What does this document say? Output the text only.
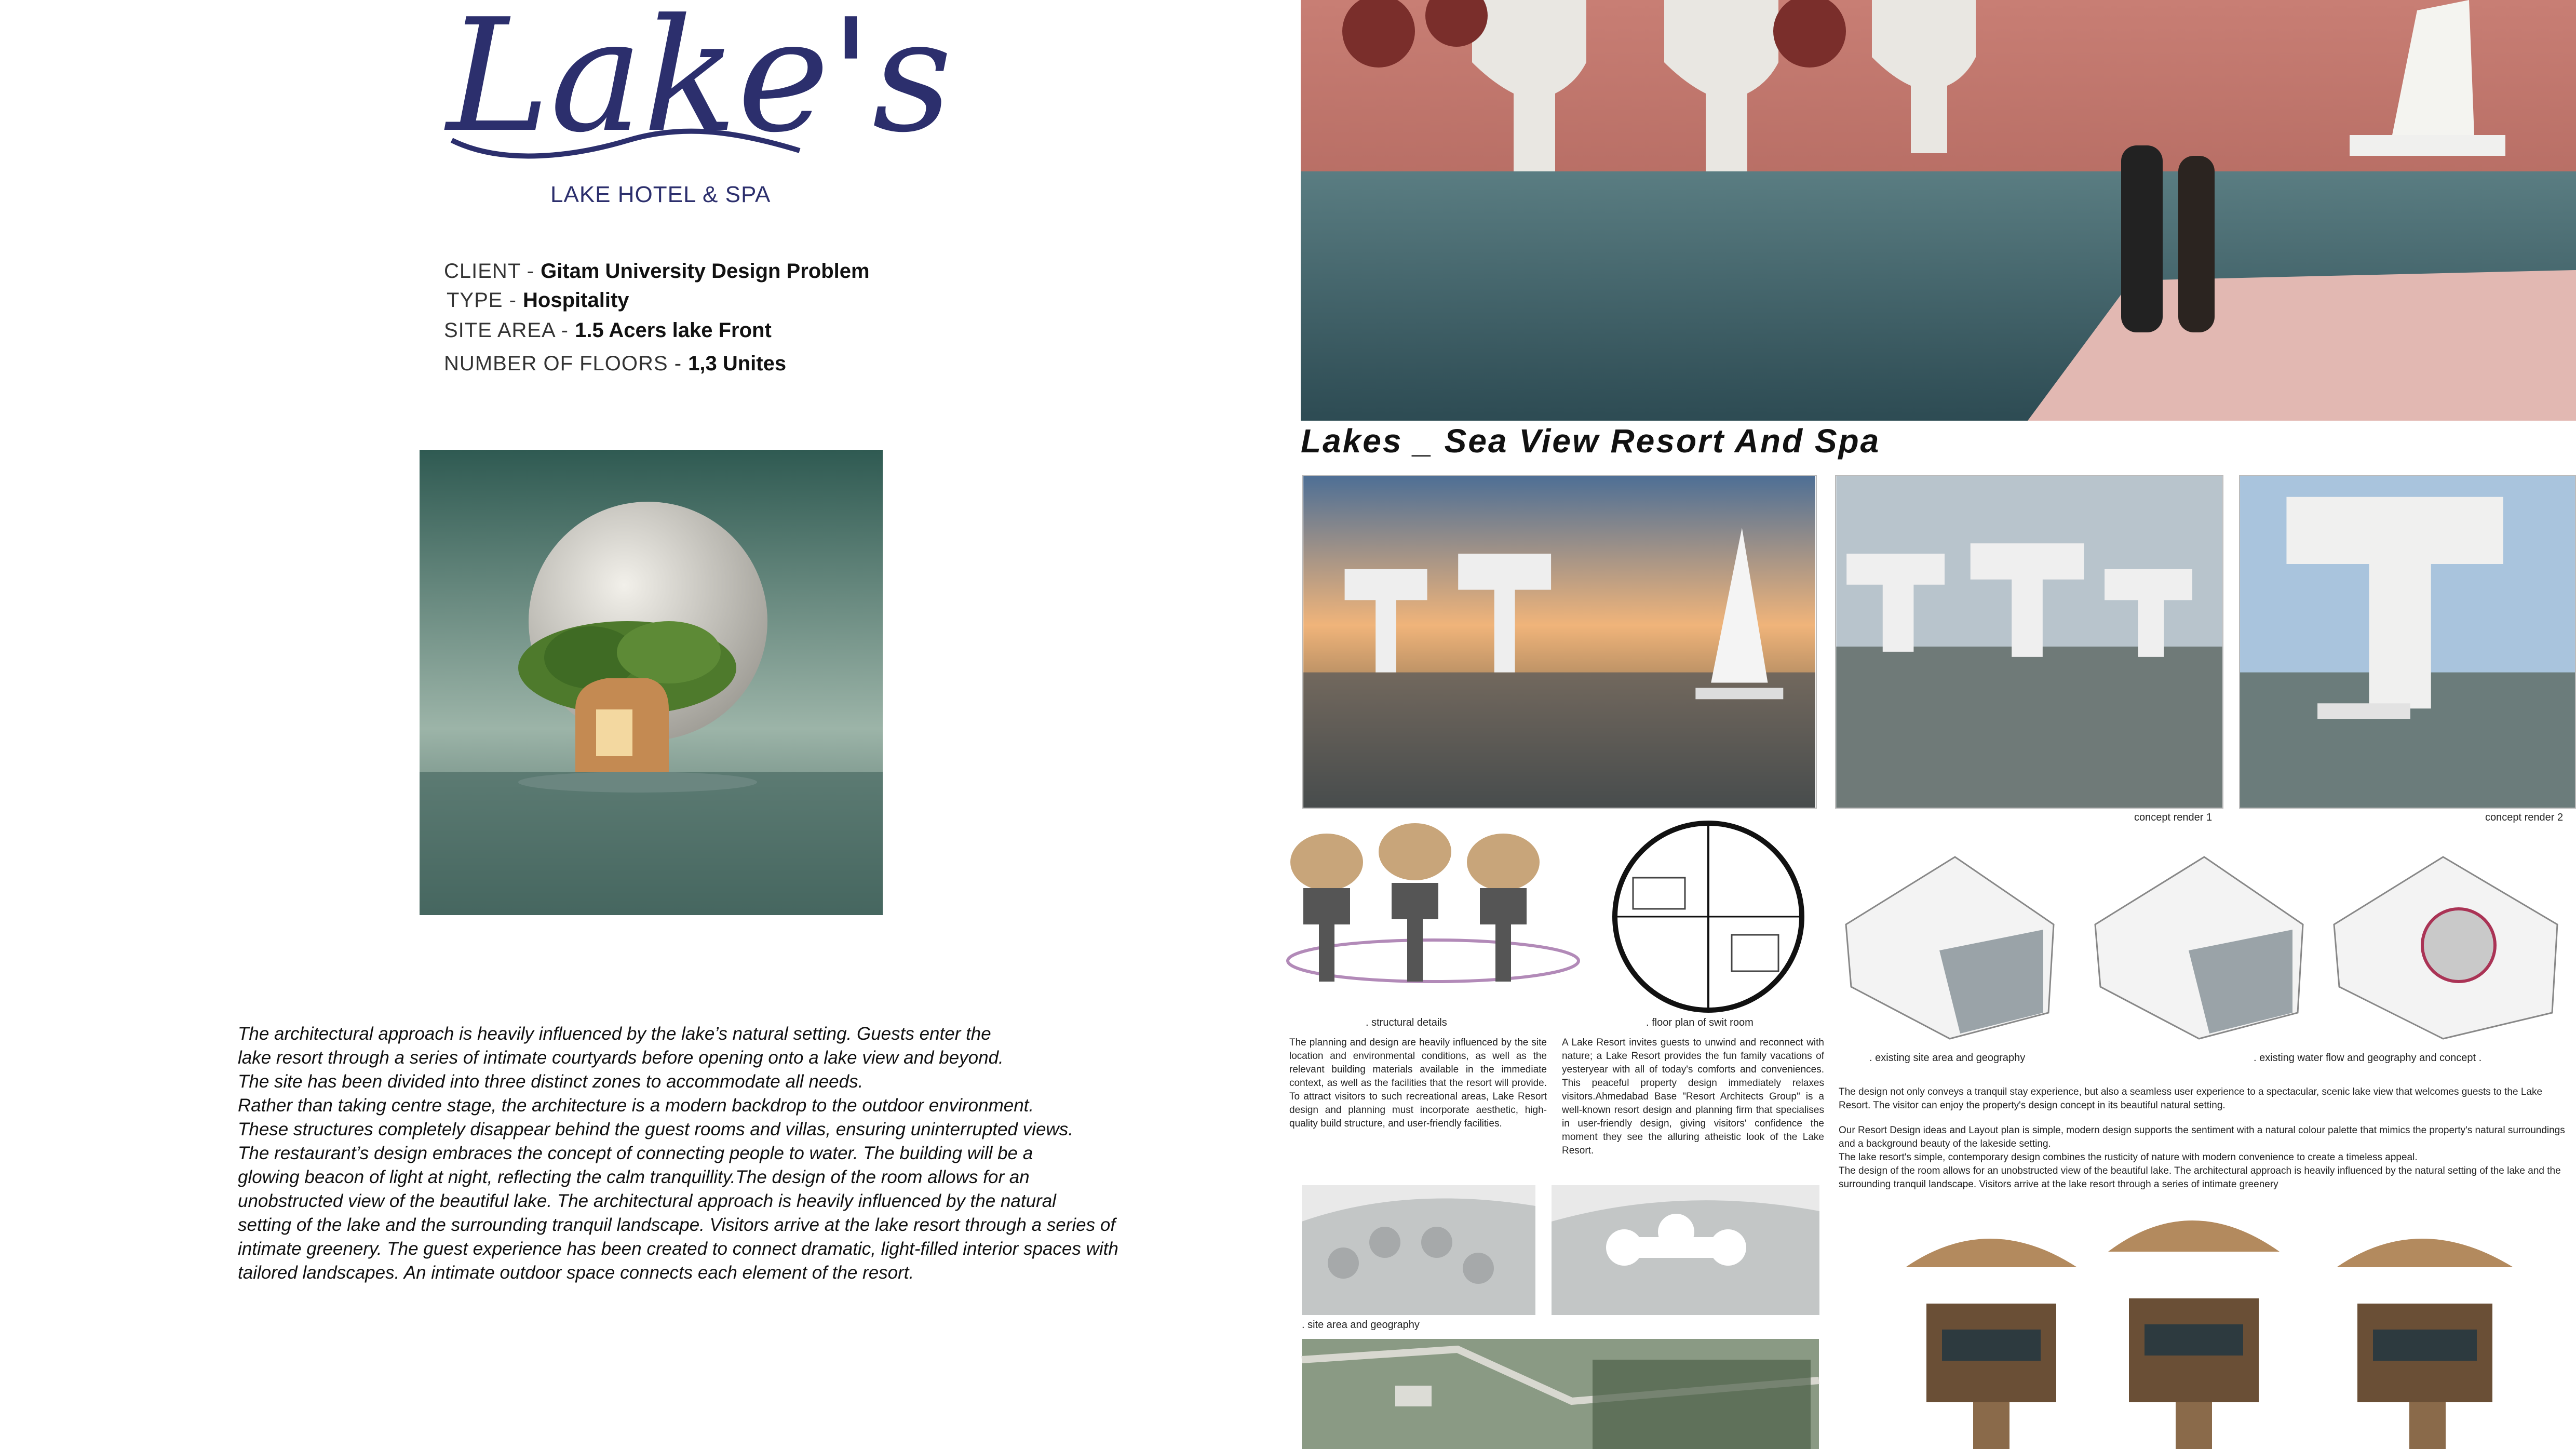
Lake's
LAKE HOTEL & SPA
CLIENT - Gitam University Design Problem
TYPE - Hospitality
SITE AREA - 1.5 Acers lake Front
NUMBER OF FLOORS - 1,3 Unites
The architectural approach is heavily influenced by the lake’s natural setting. Guests enter the
lake resort through a series of intimate courtyards before opening onto a lake view and beyond.
The site has been divided into three distinct zones to accommodate all needs.
Rather than taking centre stage, the architecture is a modern backdrop to the outdoor environment.
These structures completely disappear behind the guest rooms and villas, ensuring uninterrupted views.
The restaurant’s design embraces the concept of connecting people to water. The building will be a
glowing beacon of light at night, reflecting the calm tranquillity.The design of the room allows for an
unobstructed view of the beautiful lake. The architectural approach is heavily influenced by the natural
setting of the lake and the surrounding tranquil landscape. Visitors arrive at the lake resort through a series of
intimate greenery. The guest experience has been created to connect dramatic, light-filled interior spaces with
tailored landscapes. An intimate outdoor space connects each element of the resort.
Lakes _ Sea View Resort And Spa
concept render 1	concept render 2
. structural details	. floor plan of swit room
The planning and design are heavily influenced by the site location and environmental conditions, as well as the relevant building materials available in the immediate context, as well as the facilities that the resort will provide. To attract visitors to such recreational areas, Lake Resort design and planning must incorporate aesthetic, high-quality build structure, and user-friendly facilities.
A Lake Resort invites guests to unwind and reconnect with nature; a Lake Resort provides the fun family vacations of yesteryear with all of today's comforts and conveniences. This peaceful property design immediately relaxes visitors.Ahmedabad Base "Resort Architects Group" is a well-known resort design and planning firm that specialises in user-friendly design, giving visitors' confidence the moment they see the alluring atheistic look of the Lake Resort.
. existing site area and geography	. existing water flow and geography and concept .
The design not only conveys a tranquil stay experience, but also a seamless user experience to a spectacular, scenic lake view that welcomes guests to the Lake Resort. The visitor can enjoy the property's design concept in its beautiful natural setting.
Our Resort Design ideas and Layout plan is simple, modern design supports the sentiment with a natural colour palette that mimics the property's natural surroundings and a background beauty of the lakeside setting.
The lake resort's simple, contemporary design combines the rusticity of nature with modern convenience to create a timeless appeal.
The design of the room allows for an unobstructed view of the beautiful lake. The architectural approach is heavily influenced by the natural setting of the lake and the surrounding tranquil landscape. Visitors arrive at the lake resort through a series of intimate greenery
. site area and geography
